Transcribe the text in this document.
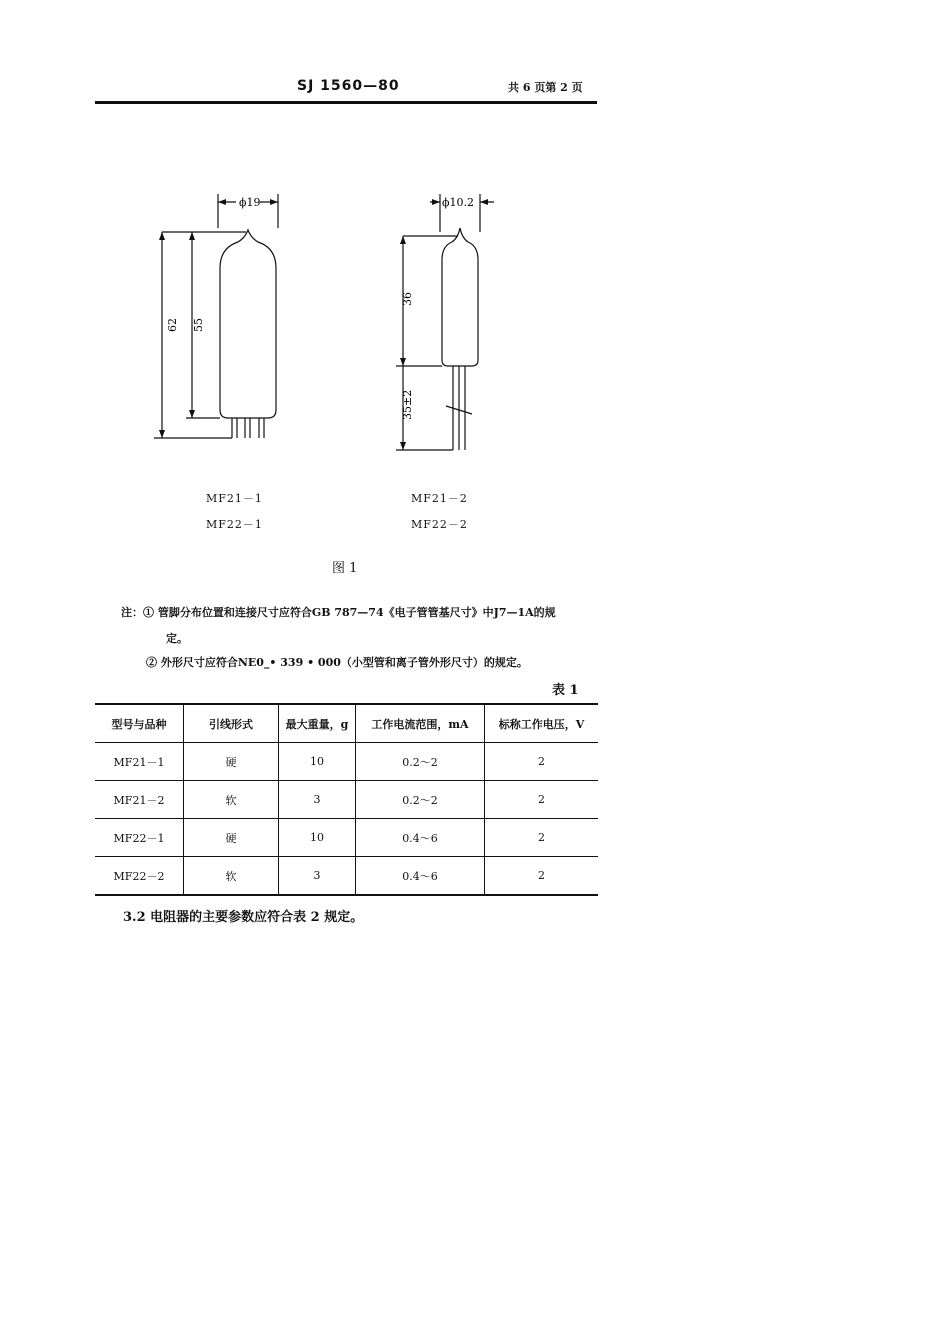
SJ 1560—80	共 6 页第 2 页
ϕ19	ϕ10.2
62 55
36
35±2
MF21－1
MF22－1
MF21－2
MF22－2
图 1
注：① 管脚分布位置和连接尺寸应符合GB 787—74《电子管管基尺寸》中J7—1A的规
定。
② 外形尺寸应符合NE0_• 339 • 000（小型管和离子管外形尺寸）的规定。
表 1
型号与品种	引线形式	最大重量，g	工作电流范围，mA	标称工作电压，V
MF21－1	硬	10	0.2～2	2
MF21－2	软	3	0.2～2	2
MF22－1	硬	10	0.4～6	2
MF22－2	软	3	0.4～6	2
3.2 电阻器的主要参数应符合表 2 规定。
